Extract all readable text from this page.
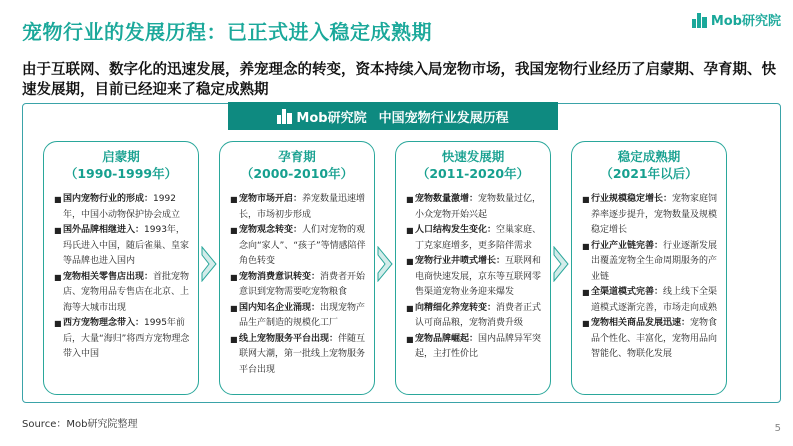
宠物行业的发展历程：已正式进入稳定成熟期	Mob研究院
由于互联网、数字化的迅速发展，养宠理念的转变，资本持续入局宠物市场，我国宠物行业经历了启蒙期、孕育期、快速发展期，目前已经迎来了稳定成熟期
Mob研究院 中国宠物行业发展历程
启蒙期
（1990-1999年）
■ 国内宠物行业的形成：1992年，中国小动物保护协会成立
■ 国外品牌相继进入：1993年，玛氏进入中国，随后雀巢、皇家等品牌也进入国内
■ 宠物相关零售店出现：首批宠物店、宠物用品专售店在北京、上海等大城市出现
■ 西方宠物理念带入：1995年前后，大量“海归”将西方宠物理念带入中国
孕育期
（2000-2010年）
■ 宠物市场开启：养宠数量迅速增长，市场初步形成
■ 宠物观念转变：人们对宠物的观念向“家人”、“孩子”等情感陪伴角色转变
■ 宠物消费意识转变：消费者开始意识到宠物需要吃宠物粮食
■ 国内知名企业涌现：出现宠物产品生产制造的规模化工厂
■ 线上宠物服务平台出现：伴随互联网大潮，第一批线上宠物服务平台出现
快速发展期
（2011-2020年）
■ 宠物数量激增：宠物数量过亿，小众宠物开始兴起
■ 人口结构发生变化：空巢家庭、丁克家庭增多，更多陪伴需求
■ 宠物行业井喷式增长：互联网和电商快速发展，京东等互联网零售渠道宠物业务迎来爆发
■ 向精细化养宠转变：消费者正式认可商品粮，宠物消费升级
■ 宠物品牌崛起：国内品牌异军突起，主打性价比
稳定成熟期
（2021年以后）
■ 行业规模稳定增长：宠物家庭饲养率逐步提升，宠物数量及规模稳定增长
■ 行业产业链完善：行业逐渐发展出覆盖宠物全生命周期服务的产业链
■ 全渠道模式完善：线上线下全渠道模式逐渐完善，市场走向成熟
■ 宠物相关商品发展迅速：宠物食品个性化、丰富化，宠物用品向智能化、物联化发展
Source：Mob研究院整理	5
